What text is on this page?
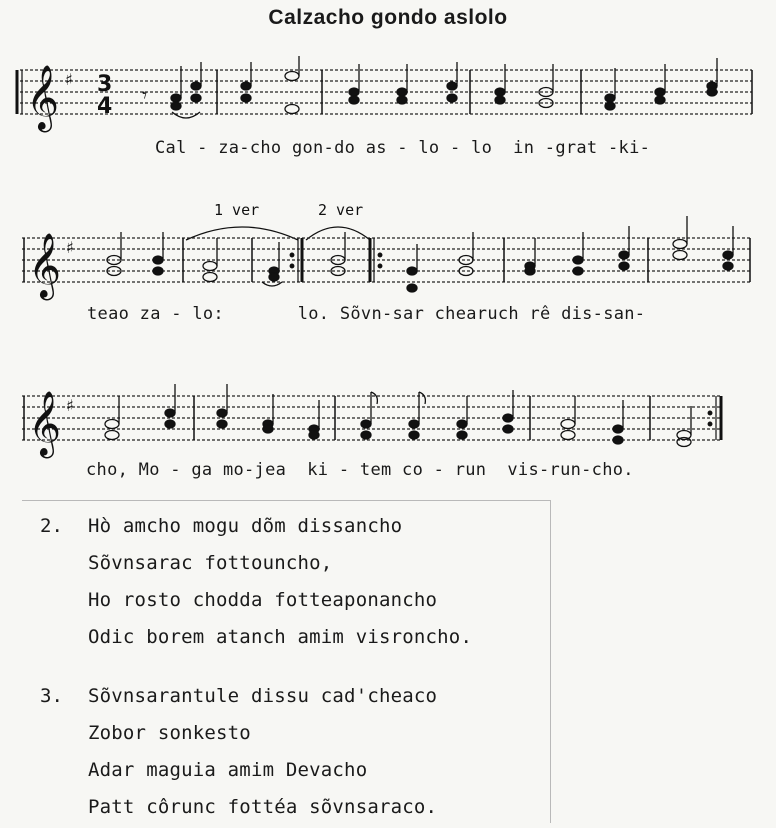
Calzacho gondo aslolo
𝄞 ♯ 3
4 𝄾
Cal - za-cho gon-do as - lo - lo  in -grat -ki-
1 ver	2 ver
𝄞 ♯
teao za - lo:       lo. Sõvn-sar chearuch rê dis-san-
𝄞 ♯
cho, Mo - ga mo-jea  ki - tem co - run  vis-run-cho.
2. Hò amcho mogu dõm dissancho
Sõvnsarac fottouncho,
Ho rosto chodda fotteaponancho
Odic borem atanch amim visroncho.
3. Sõvnsarantule dissu cad'cheaco
Zobor sonkesto
Adar maguia amim Devacho
Patt côrunc fottéa sõvnsaraco.
